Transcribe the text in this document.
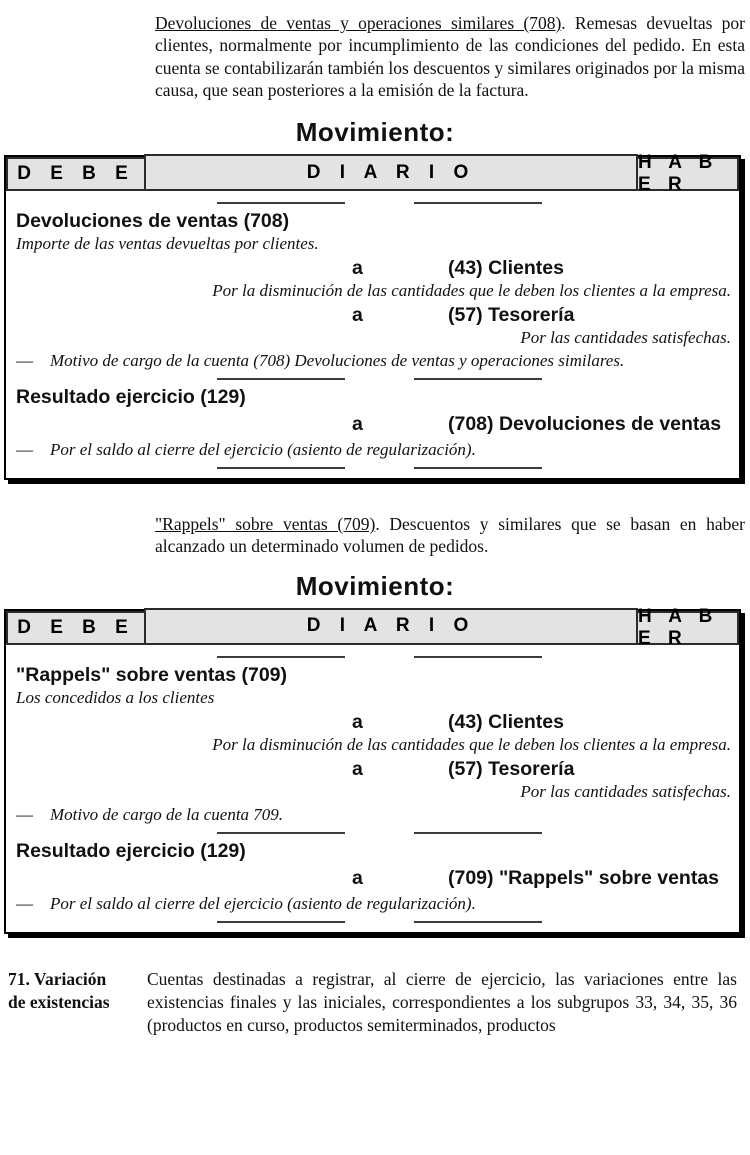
Devoluciones de ventas y operaciones similares (708). Remesas devueltas por clientes, normalmente por incumplimiento de las condiciones del pedido. En esta cuenta se contabilizarán también los descuentos y similares originados por la misma causa, que sean posteriores a la emisión de la factura.

Movimiento:
D E B E	D I A R I O	H A B E R
Devoluciones de ventas (708)
Importe de las ventas devueltas por clientes.
a	(43) Clientes
Por la disminución de las cantidades que le deben los clientes a la empresa.
a	(57) Tesorería
Por las cantidades satisfechas.
—	Motivo de cargo de la cuenta (708) Devoluciones de ventas y operaciones similares.
Resultado ejercicio (129)
a	(708) Devoluciones de ventas
—	Por el saldo al cierre del ejercicio (asiento de regularización).

"Rappels" sobre ventas (709). Descuentos y similares que se basan en haber alcanzado un determinado volumen de pedidos.

Movimiento:
D E B E	D I A R I O	H A B E R
"Rappels" sobre ventas (709)
Los concedidos a los clientes
a	(43) Clientes
Por la disminución de las cantidades que le deben los clientes a la empresa.
a	(57) Tesorería
Por las cantidades satisfechas.
—	Motivo de cargo de la cuenta 709.
Resultado ejercicio (129)
a	(709) "Rappels" sobre ventas
—	Por el saldo al cierre del ejercicio (asiento de regularización).
71. Variación
de existencias
Cuentas destinadas a registrar, al cierre de ejercicio, las variaciones entre las existencias finales y las iniciales, correspondientes a los subgrupos 33, 34, 35, 36 (productos en curso, productos semiterminados, productos
